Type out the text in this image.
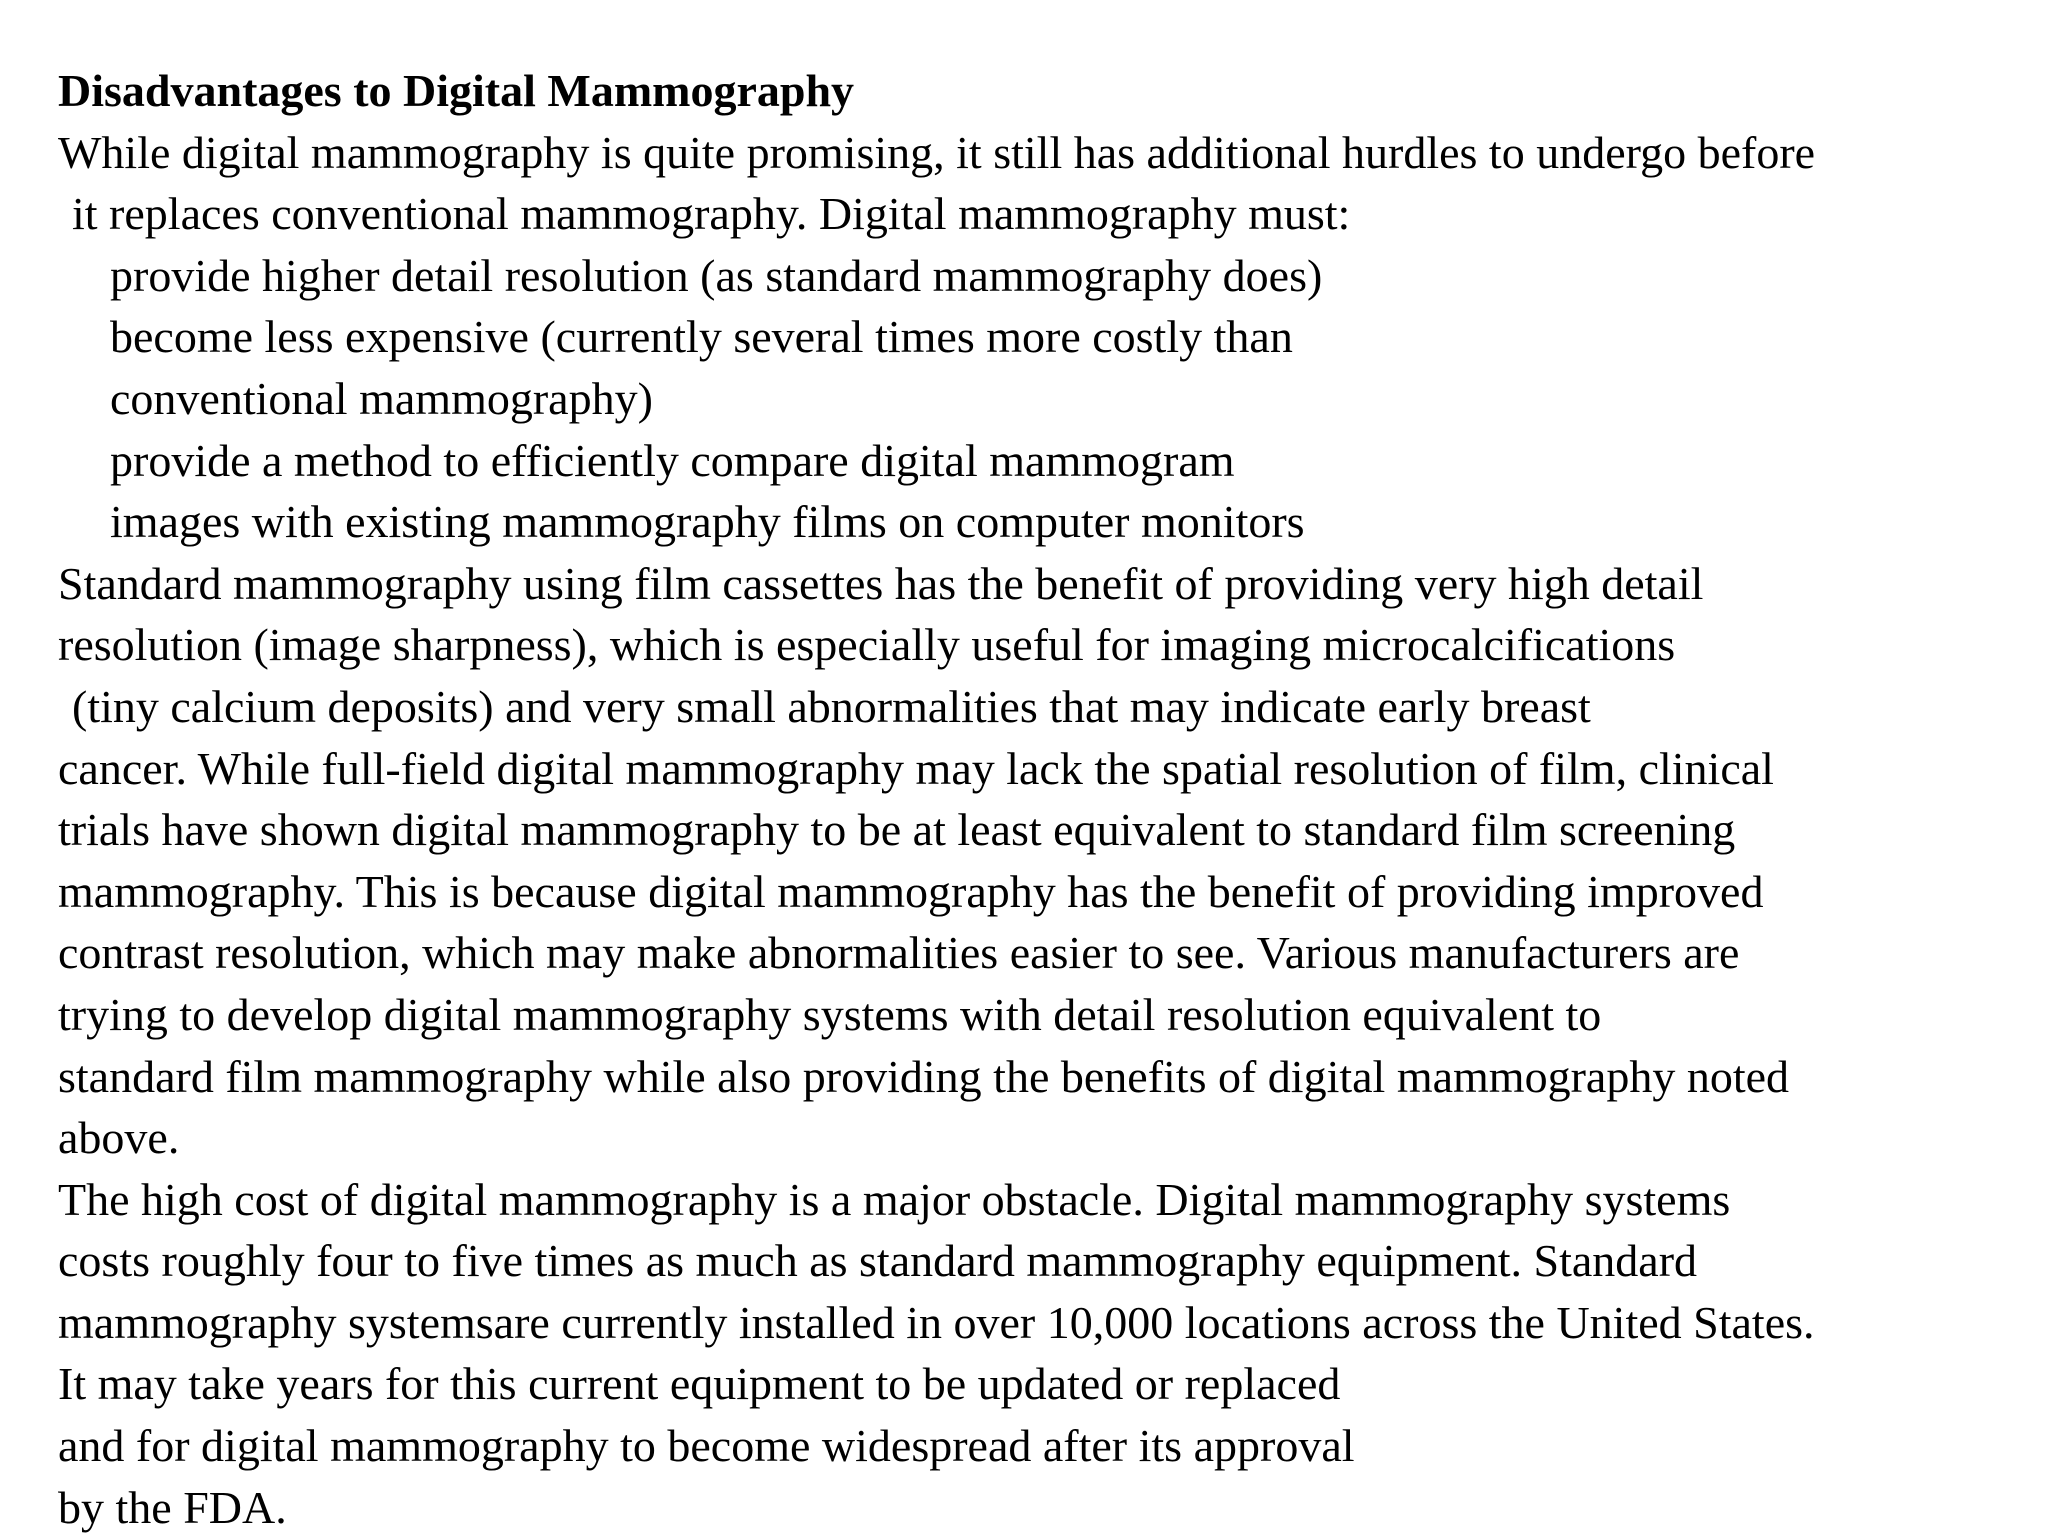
Disadvantages to Digital Mammography
While digital mammography is quite promising, it still has additional hurdles to undergo before
it replaces conventional mammography. Digital mammography must:
provide higher detail resolution (as standard mammography does)
become less expensive (currently several times more costly than
conventional mammography)
provide a method to efficiently compare digital mammogram
images with existing mammography films on computer monitors
Standard mammography using film cassettes has the benefit of providing very high detail
resolution (image sharpness), which is especially useful for imaging microcalcifications
(tiny calcium deposits) and very small abnormalities that may indicate early breast
cancer. While full-field digital mammography may lack the spatial resolution of film, clinical
trials have shown digital mammography to be at least equivalent to standard film screening
mammography. This is because digital mammography has the benefit of providing improved
contrast resolution, which may make abnormalities easier to see. Various manufacturers are
trying to develop digital mammography systems with detail resolution equivalent to
standard film mammography while also providing the benefits of digital mammography noted
above.
The high cost of digital mammography is a major obstacle. Digital mammography systems
costs roughly four to five times as much as standard mammography equipment. Standard
mammography systemsare currently installed in over 10,000 locations across the United States.
It may take years for this current equipment to be updated or replaced
and for digital mammography to become widespread after its approval
by the FDA.
